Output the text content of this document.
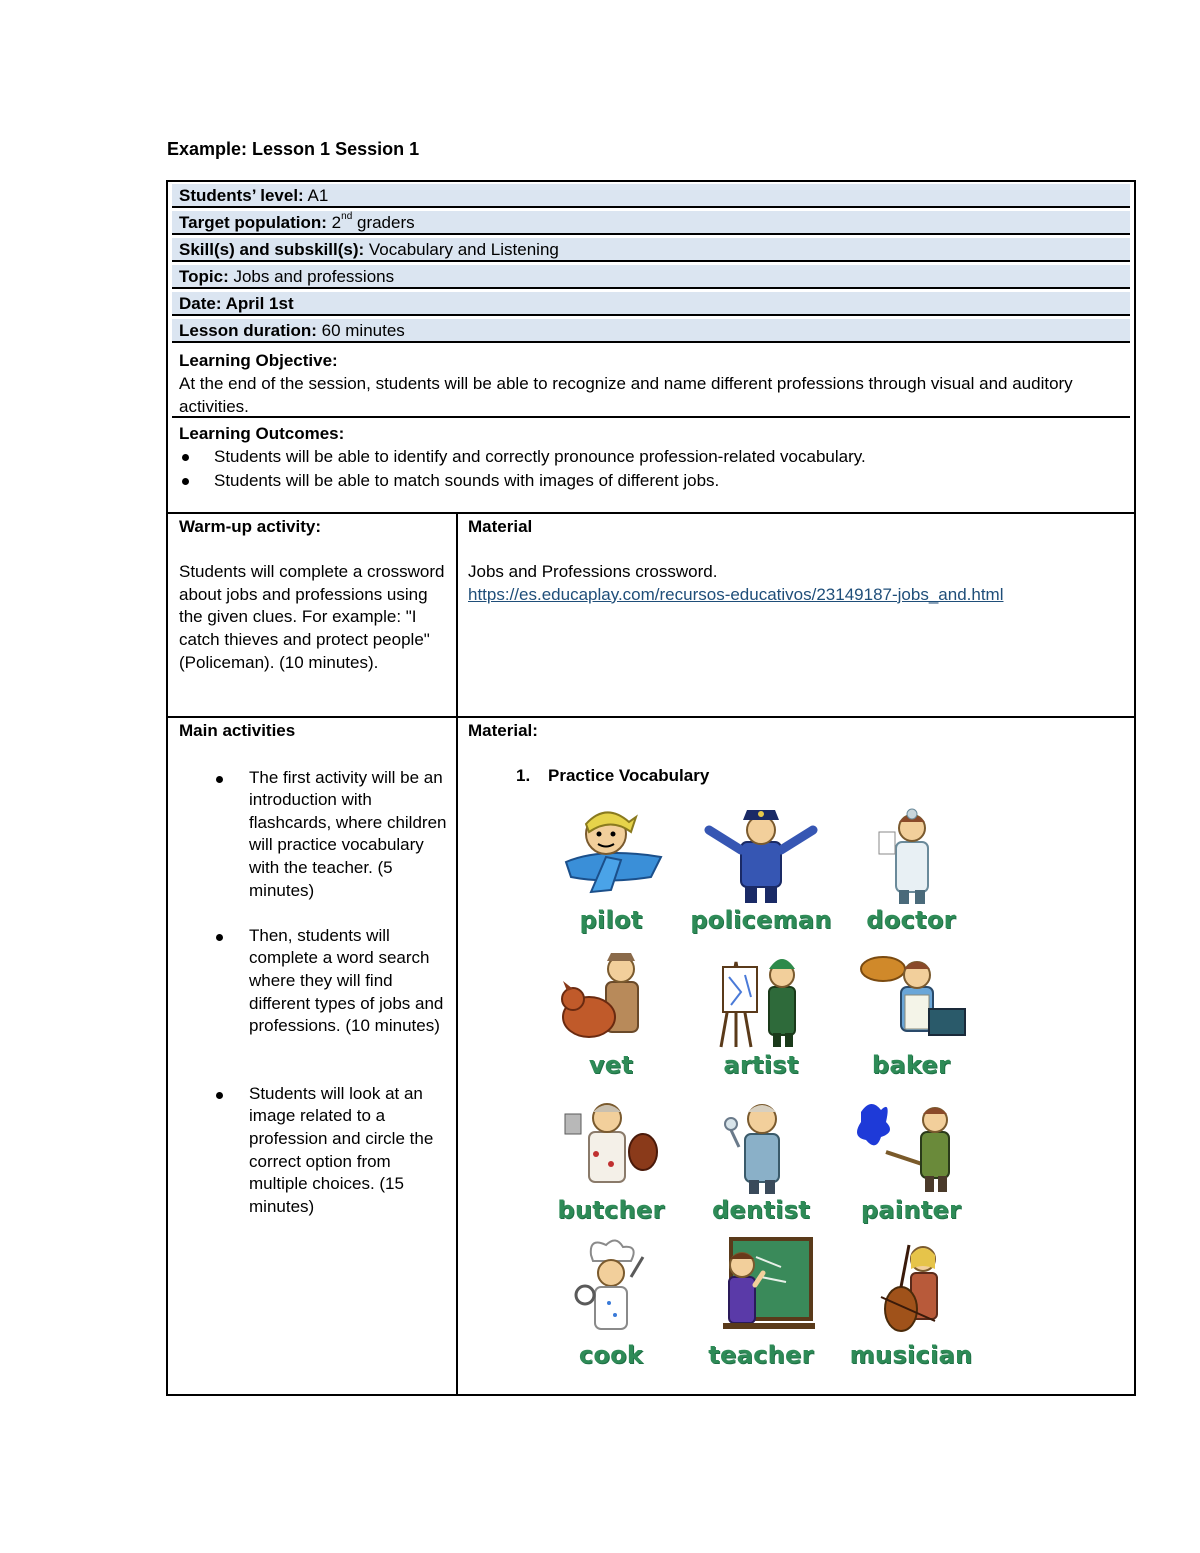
Example: Lesson 1 Session 1
Students’ level: A1
Target population: 2nd graders
Skill(s) and subskill(s): Vocabulary and Listening
Topic: Jobs and professions
Date: April 1st
Lesson duration: 60 minutes
Learning Objective:
At the end of the session, students will be able to recognize and name different professions through visual and auditory activities.
Learning Outcomes:
Students will be able to identify and correctly pronounce profession-related vocabulary.
Students will be able to match sounds with images of different jobs.
Warm-up activity:
Students will complete a crossword about jobs and professions using the given clues. For example: "I catch thieves and protect people" (Policeman). (10 minutes).
Material
Jobs and Professions crossword.
https://es.educaplay.com/recursos-educativos/23149187-jobs_and.html
Main activities
The first activity will be an introduction with flashcards, where children will practice vocabulary with the teacher. (5 minutes)
Then, students will complete a word search where they will find different types of jobs and professions. (10 minutes)
Students will look at an image related to a profession and circle the correct option from multiple choices. (15 minutes)
Material:
1. Practice Vocabulary
pilot	policeman	doctor
vet	artist	baker
butcher	dentist	painter
cook	teacher	musician
